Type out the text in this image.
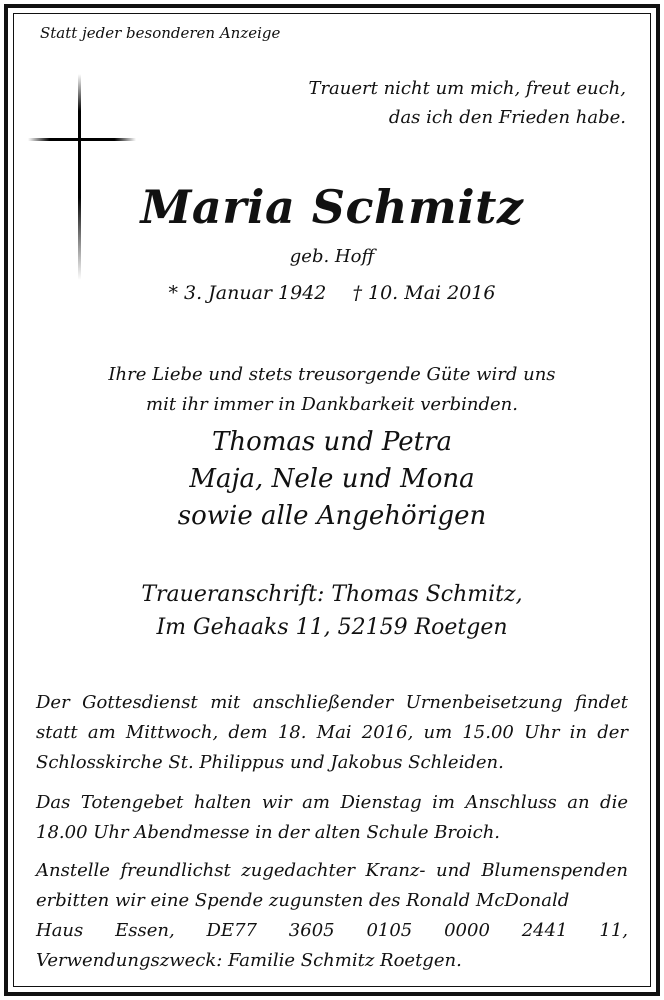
Statt jeder besonderen Anzeige
Trauert nicht um mich, freut euch,
das ich den Frieden habe.
Maria Schmitz
geb. Hoff
* 3. Januar 1942 † 10. Mai 2016
Ihre Liebe und stets treusorgende Güte wird uns
mit ihr immer in Dankbarkeit verbinden.
Thomas und Petra
Maja, Nele und Mona
sowie alle Angehörigen
Traueranschrift: Thomas Schmitz,
Im Gehaaks 11, 52159 Roetgen
Der Gottesdienst mit anschließender Urnenbeisetzung findet statt am Mittwoch, dem 18. Mai 2016, um 15.00 Uhr in der Schlosskirche St. Philippus und Jakobus Schleiden.
Das Totengebet halten wir am Dienstag im Anschluss an die 18.00 Uhr Abendmesse in der alten Schule Broich.
Anstelle freundlichst zugedachter Kranz- und Blumenspenden erbitten wir eine Spende zugunsten des Ronald McDonald
Haus Essen, DE77 3605 0105 0000 2441 11,
Verwendungszweck: Familie Schmitz Roetgen.
